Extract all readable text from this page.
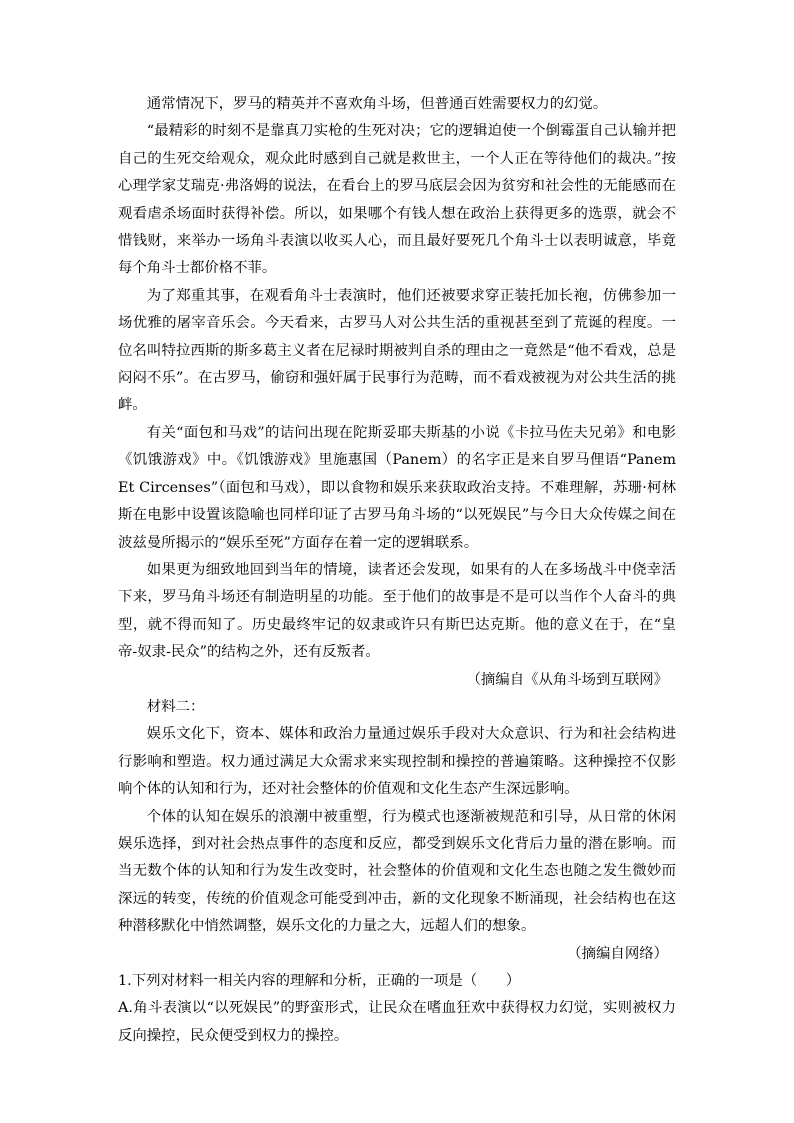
通常情况下，罗马的精英并不喜欢角斗场，但普通百姓需要权力的幻觉。

“最精彩的时刻不是靠真刀实枪的生死对决；它的逻辑迫使一个倒霉蛋自己认输并把自己的生死交给观众，观众此时感到自己就是救世主，一个人正在等待他们的裁决。”按心理学家艾瑞克·弗洛姆的说法，在看台上的罗马底层会因为贫穷和社会性的无能感而在观看虐杀场面时获得补偿。所以，如果哪个有钱人想在政治上获得更多的选票，就会不惜钱财，来举办一场角斗表演以收买人心，而且最好要死几个角斗士以表明诚意，毕竟每个角斗士都价格不菲。

为了郑重其事，在观看角斗士表演时，他们还被要求穿正装托加长袍，仿佛参加一场优雅的屠宰音乐会。今天看来，古罗马人对公共生活的重视甚至到了荒诞的程度。一位名叫特拉西斯的斯多葛主义者在尼禄时期被判自杀的理由之一竟然是“他不看戏，总是闷闷不乐”。在古罗马，偷窃和强奸属于民事行为范畴，而不看戏被视为对公共生活的挑衅。

有关“面包和马戏”的诘问出现在陀斯妥耶夫斯基的小说《卡拉马佐夫兄弟》和电影《饥饿游戏》中。《饥饿游戏》里施惠国（Panem）的名字正是来自罗马俚语“Panem Et Circenses”（面包和马戏），即以食物和娱乐来获取政治支持。不难理解，苏珊·柯林斯在电影中设置该隐喻也同样印证了古罗马角斗场的“以死娱民”与今日大众传媒之间在波兹曼所揭示的“娱乐至死”方面存在着一定的逻辑联系。

如果更为细致地回到当年的情境，读者还会发现，如果有的人在多场战斗中侥幸活下来，罗马角斗场还有制造明星的功能。至于他们的故事是不是可以当作个人奋斗的典型，就不得而知了。历史最终牢记的奴隶或许只有斯巴达克斯。他的意义在于，在“皇帝-奴隶-民众”的结构之外，还有反叛者。

（摘编自《从角斗场到互联网》

材料二：

娱乐文化下，资本、媒体和政治力量通过娱乐手段对大众意识、行为和社会结构进行影响和塑造。权力通过满足大众需求来实现控制和操控的普遍策略。这种操控不仅影响个体的认知和行为，还对社会整体的价值观和文化生态产生深远影响。

个体的认知在娱乐的浪潮中被重塑，行为模式也逐渐被规范和引导，从日常的休闲娱乐选择，到对社会热点事件的态度和反应，都受到娱乐文化背后力量的潜在影响。而当无数个体的认知和行为发生改变时，社会整体的价值观和文化生态也随之发生微妙而深远的转变，传统的价值观念可能受到冲击，新的文化现象不断涌现，社会结构也在这种潜移默化中悄然调整，娱乐文化的力量之大，远超人们的想象。

（摘编自网络）

1.下列对材料一相关内容的理解和分析，正确的一项是（　　）

A.角斗表演以“以死娱民”的野蛮形式，让民众在嗜血狂欢中获得权力幻觉，实则被权力反向操控，民众便受到权力的操控。
